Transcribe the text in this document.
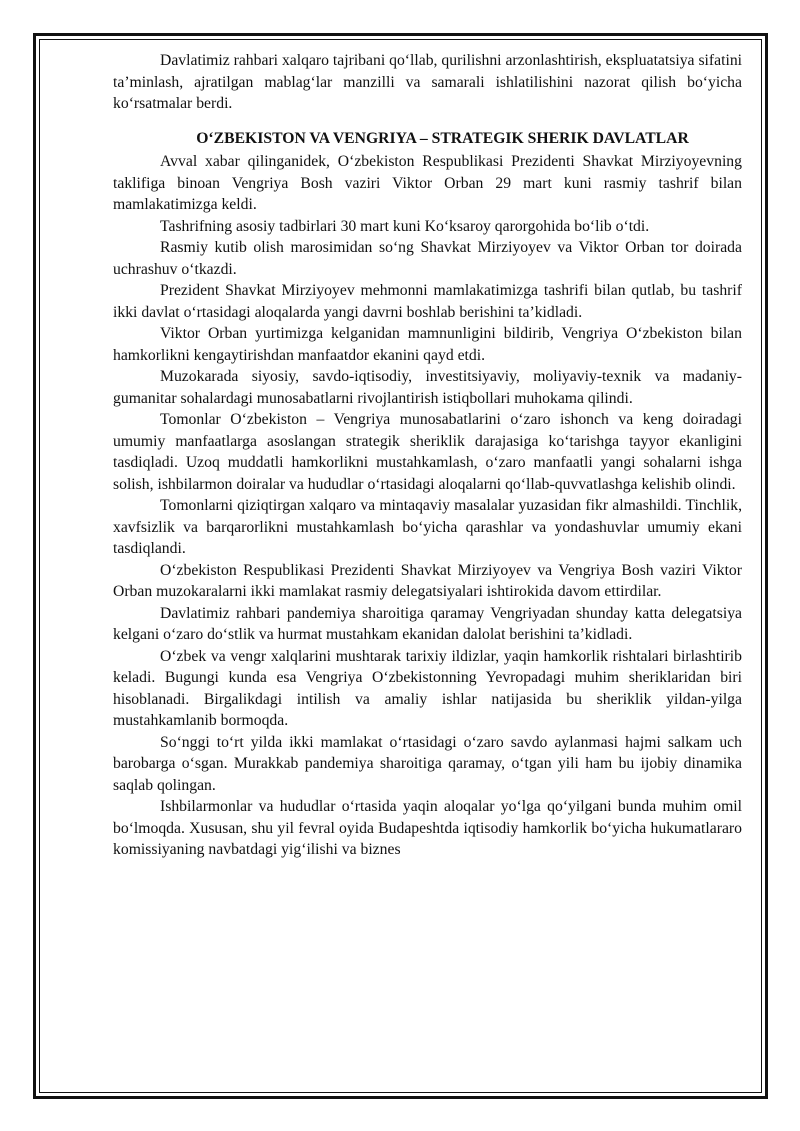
Davlatimiz rahbari xalqaro tajribani qo‘llab, qurilishni arzonlashtirish, ekspluatatsiya sifatini ta’minlash, ajratilgan mablag‘lar manzilli va samarali ishlatilishini nazorat qilish bo‘yicha ko‘rsatmalar berdi.

O‘ZBEKISTON VA VENGRIYA – STRATEGIK SHERIK DAVLATLAR

Avval xabar qilinganidek, O‘zbekiston Respublikasi Prezidenti Shavkat Mirziyoyevning taklifiga binoan Vengriya Bosh vaziri Viktor Orban 29 mart kuni rasmiy tashrif bilan mamlakatimizga keldi.

Tashrifning asosiy tadbirlari 30 mart kuni Ko‘ksaroy qarorgohida bo‘lib o‘tdi.

Rasmiy kutib olish marosimidan so‘ng Shavkat Mirziyoyev va Viktor Orban tor doirada uchrashuv o‘tkazdi.

Prezident Shavkat Mirziyoyev mehmonni mamlakatimizga tashrifi bilan qutlab, bu tashrif ikki davlat o‘rtasidagi aloqalarda yangi davrni boshlab berishini ta’kidladi.

Viktor Orban yurtimizga kelganidan mamnunligini bildirib, Vengriya O‘zbekiston bilan hamkorlikni kengaytirishdan manfaatdor ekanini qayd etdi.

Muzokarada siyosiy, savdo-iqtisodiy, investitsiyaviy, moliyaviy-texnik va madaniy-gumanitar sohalardagi munosabatlarni rivojlantirish istiqbollari muhokama qilindi.

Tomonlar O‘zbekiston – Vengriya munosabatlarini o‘zaro ishonch va keng doiradagi umumiy manfaatlarga asoslangan strategik sheriklik darajasiga ko‘tarishga tayyor ekanligini tasdiqladi. Uzoq muddatli hamkorlikni mustahkamlash, o‘zaro manfaatli yangi sohalarni ishga solish, ishbilarmon doiralar va hududlar o‘rtasidagi aloqalarni qo‘llab-quvvatlashga kelishib olindi.

Tomonlarni qiziqtirgan xalqaro va mintaqaviy masalalar yuzasidan fikr almashildi. Tinchlik, xavfsizlik va barqarorlikni mustahkamlash bo‘yicha qarashlar va yondashuvlar umumiy ekani tasdiqlandi.

O‘zbekiston Respublikasi Prezidenti Shavkat Mirziyoyev va Vengriya Bosh vaziri Viktor Orban muzokaralarni ikki mamlakat rasmiy delegatsiyalari ishtirokida davom ettirdilar.

Davlatimiz rahbari pandemiya sharoitiga qaramay Vengriyadan shunday katta delegatsiya kelgani o‘zaro do‘stlik va hurmat mustahkam ekanidan dalolat berishini ta’kidladi.

O‘zbek va vengr xalqlarini mushtarak tarixiy ildizlar, yaqin hamkorlik rishtalari birlashtirib keladi. Bugungi kunda esa Vengriya O‘zbekistonning Yevropadagi muhim sheriklaridan biri hisoblanadi. Birgalikdagi intilish va amaliy ishlar natijasida bu sheriklik yildan-yilga mustahkamlanib bormoqda.

So‘nggi to‘rt yilda ikki mamlakat o‘rtasidagi o‘zaro savdo aylanmasi hajmi salkam uch barobarga o‘sgan. Murakkab pandemiya sharoitiga qaramay, o‘tgan yili ham bu ijobiy dinamika saqlab qolingan.

Ishbilarmonlar va hududlar o‘rtasida yaqin aloqalar yo‘lga qo‘yilgani bunda muhim omil bo‘lmoqda. Xususan, shu yil fevral oyida Budapeshtda iqtisodiy hamkorlik bo‘yicha hukumatlararo komissiyaning navbatdagi yig‘ilishi va biznes
